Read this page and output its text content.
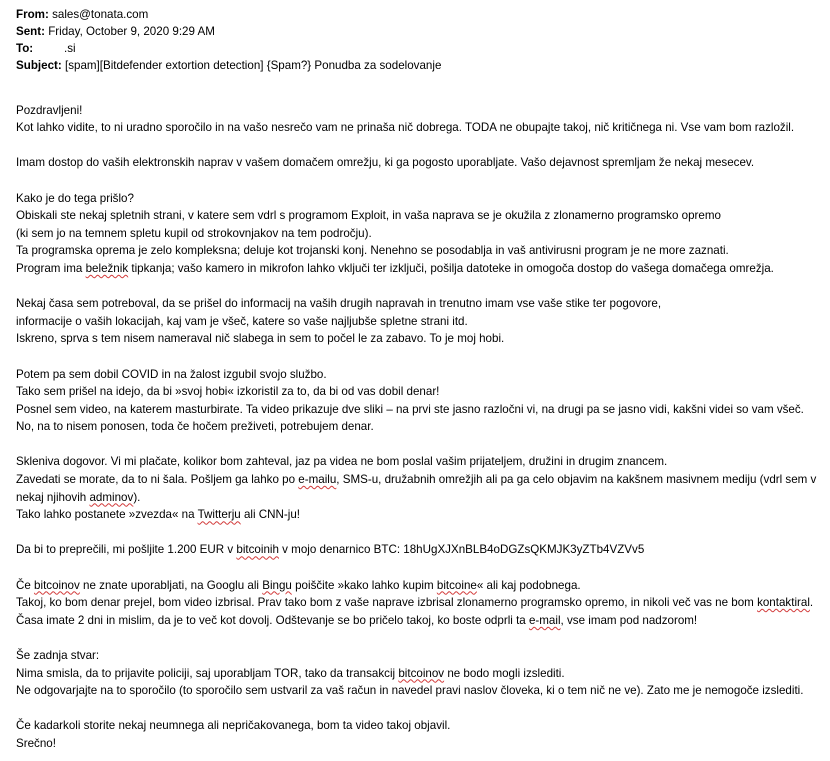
From: sales@tonata.com
Sent: Friday, October 9, 2020 9:29 AM
To:	.si
Subject: [spam][Bitdefender extortion detection] {Spam?} Ponudba za sodelovanje
Pozdravljeni!
Kot lahko vidite, to ni uradno sporočilo in na vašo nesrečo vam ne prinaša nič dobrega. TODA ne obupajte takoj, nič kritičnega ni. Vse vam bom razložil.
Imam dostop do vaših elektronskih naprav v vašem domačem omrežju, ki ga pogosto uporabljate. Vašo dejavnost spremljam že nekaj mesecev.
Kako je do tega prišlo?
Obiskali ste nekaj spletnih strani, v katere sem vdrl s programom Exploit, in vaša naprava se je okužila z zlonamerno programsko opremo
(ki sem jo na temnem spletu kupil od strokovnjakov na tem področju).
Ta programska oprema je zelo kompleksna; deluje kot trojanski konj. Nenehno se posodablja in vaš antivirusni program je ne more zaznati.
Program ima beležnik tipkanja; vašo kamero in mikrofon lahko vključi ter izključi, pošilja datoteke in omogoča dostop do vašega domačega omrežja.
Nekaj časa sem potreboval, da se prišel do informacij na vaših drugih napravah in trenutno imam vse vaše stike ter pogovore,
informacije o vaših lokacijah, kaj vam je všeč, katere so vaše najljubše spletne strani itd.
Iskreno, sprva s tem nisem nameraval nič slabega in sem to počel le za zabavo. To je moj hobi.
Potem pa sem dobil COVID in na žalost izgubil svojo službo.
Tako sem prišel na idejo, da bi »svoj hobi« izkoristil za to, da bi od vas dobil denar!
Posnel sem video, na katerem masturbirate. Ta video prikazuje dve sliki – na prvi ste jasno razločni vi, na drugi pa se jasno vidi, kakšni videi so vam všeč.
No, na to nisem ponosen, toda če hočem preživeti, potrebujem denar.
Skleniva dogovor. Vi mi plačate, kolikor bom zahteval, jaz pa videa ne bom poslal vašim prijateljem, družini in drugim znancem.
Zavedati se morate, da to ni šala. Pošljem ga lahko po e-mailu, SMS-u, družabnih omrežjih ali pa ga celo objavim na kakšnem masivnem mediju (vdrl sem v
nekaj njihovih adminov).
Tako lahko postanete »zvezda« na Twitterju ali CNN-ju!
Da bi to preprečili, mi pošljite 1.200 EUR v bitcoinih v mojo denarnico BTC: 18hUgXJXnBLB4oDGZsQKMJK3yZTb4VZVv5
Če bitcoinov ne znate uporabljati, na Googlu ali Bingu poiščite »kako lahko kupim bitcoine« ali kaj podobnega.
Takoj, ko bom denar prejel, bom video izbrisal. Prav tako bom z vaše naprave izbrisal zlonamerno programsko opremo, in nikoli več vas ne bom kontaktiral.
Časa imate 2 dni in mislim, da je to več kot dovolj. Odštevanje se bo pričelo takoj, ko boste odprli ta e-mail, vse imam pod nadzorom!
Še zadnja stvar:
Nima smisla, da to prijavite policiji, saj uporabljam TOR, tako da transakcij bitcoinov ne bodo mogli izslediti.
Ne odgovarjajte na to sporočilo (to sporočilo sem ustvaril za vaš račun in navedel pravi naslov človeka, ki o tem nič ne ve). Zato me je nemogoče izslediti.
Če kadarkoli storite nekaj neumnega ali nepričakovanega, bom ta video takoj objavil.
Srečno!
